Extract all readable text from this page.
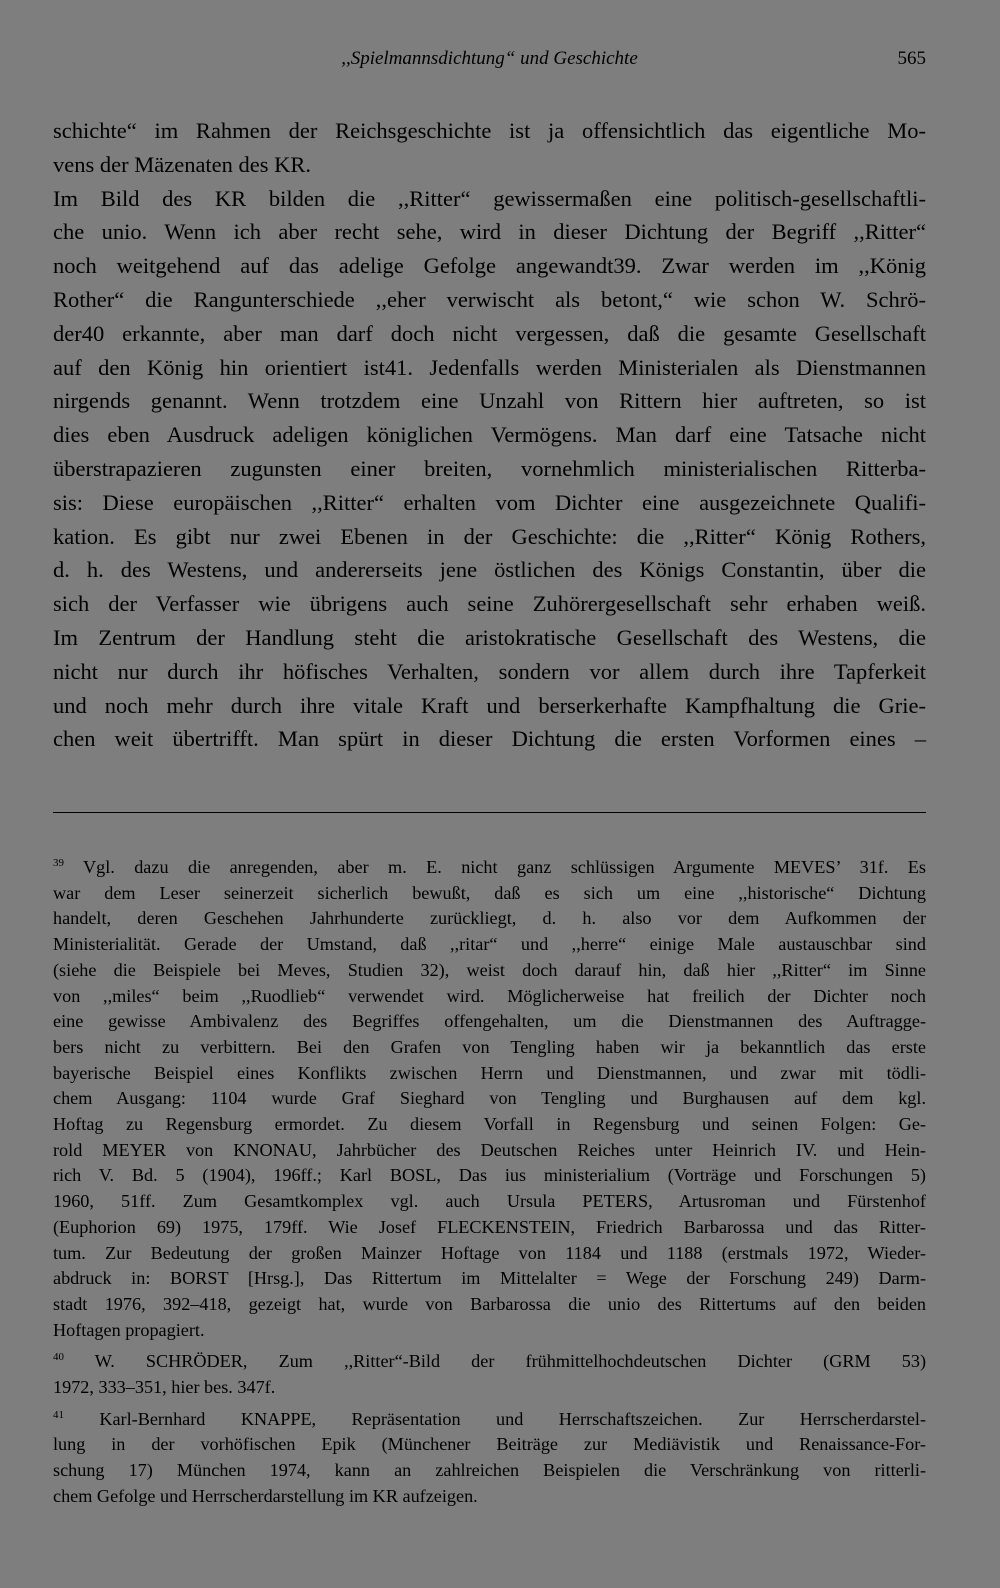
,,Spielmannsdichtung“ und Geschichte	565
schichte“ im Rahmen der Reichsgeschichte ist ja offensichtlich das eigentliche Mo-
vens der Mäzenaten des KR.
Im Bild des KR bilden die ,,Ritter“ gewissermaßen eine politisch-gesellschaftli-
che unio. Wenn ich aber recht sehe, wird in dieser Dichtung der Begriff ,,Ritter“
noch weitgehend auf das adelige Gefolge angewandt39. Zwar werden im ,,König
Rother“ die Rangunterschiede ,,eher verwischt als betont,“ wie schon W. Schrö-
der40 erkannte, aber man darf doch nicht vergessen, daß die gesamte Gesellschaft
auf den König hin orientiert ist41. Jedenfalls werden Ministerialen als Dienstmannen
nirgends genannt. Wenn trotzdem eine Unzahl von Rittern hier auftreten, so ist
dies eben Ausdruck adeligen königlichen Vermögens. Man darf eine Tatsache nicht
überstrapazieren zugunsten einer breiten, vornehmlich ministerialischen Ritterba-
sis: Diese europäischen ,,Ritter“ erhalten vom Dichter eine ausgezeichnete Qualifi-
kation. Es gibt nur zwei Ebenen in der Geschichte: die ,,Ritter“ König Rothers,
d. h. des Westens, und andererseits jene östlichen des Königs Constantin, über die
sich der Verfasser wie übrigens auch seine Zuhörergesellschaft sehr erhaben weiß.
Im Zentrum der Handlung steht die aristokratische Gesellschaft des Westens, die
nicht nur durch ihr höfisches Verhalten, sondern vor allem durch ihre Tapferkeit
und noch mehr durch ihre vitale Kraft und berserkerhafte Kampfhaltung die Grie-
chen weit übertrifft. Man spürt in dieser Dichtung die ersten Vorformen eines –
$^{39}$ Vgl. dazu die anregenden, aber m. E. nicht ganz schlüssigen Argumente MEVES’ 31f. Es
war dem Leser seinerzeit sicherlich bewußt, daß es sich um eine ,,historische“ Dichtung
handelt, deren Geschehen Jahrhunderte zurückliegt, d. h. also vor dem Aufkommen der
Ministerialität. Gerade der Umstand, daß ,,ritar“ und ,,herre“ einige Male austauschbar sind
(siehe die Beispiele bei Meves, Studien 32), weist doch darauf hin, daß hier ,,Ritter“ im Sinne
von ,,miles“ beim ,,Ruodlieb“ verwendet wird. Möglicherweise hat freilich der Dichter noch
eine gewisse Ambivalenz des Begriffes offengehalten, um die Dienstmannen des Auftragge-
bers nicht zu verbittern. Bei den Grafen von Tengling haben wir ja bekanntlich das erste
bayerische Beispiel eines Konflikts zwischen Herrn und Dienstmannen, und zwar mit tödli-
chem Ausgang: 1104 wurde Graf Sieghard von Tengling und Burghausen auf dem kgl.
Hoftag zu Regensburg ermordet. Zu diesem Vorfall in Regensburg und seinen Folgen: Ge-
rold MEYER von KNONAU, Jahrbücher des Deutschen Reiches unter Heinrich IV. und Hein-
rich V. Bd. 5 (1904), 196ff.; Karl BOSL, Das ius ministerialium (Vorträge und Forschungen 5)
1960, 51ff. Zum Gesamtkomplex vgl. auch Ursula PETERS, Artusroman und Fürstenhof
(Euphorion 69) 1975, 179ff. Wie Josef FLECKENSTEIN, Friedrich Barbarossa und das Ritter-
tum. Zur Bedeutung der großen Mainzer Hoftage von 1184 und 1188 (erstmals 1972, Wieder-
abdruck in: BORST [Hrsg.], Das Rittertum im Mittelalter = Wege der Forschung 249) Darm-
stadt 1976, 392–418, gezeigt hat, wurde von Barbarossa die unio des Rittertums auf den beiden
Hoftagen propagiert.
$^{40}$ W. SCHRÖDER, Zum ,,Ritter“-Bild der frühmittelhochdeutschen Dichter (GRM 53)
1972, 333–351, hier bes. 347f.
$^{41}$ Karl-Bernhard KNAPPE, Repräsentation und Herrschaftszeichen. Zur Herrscherdarstel-
lung in der vorhöfischen Epik (Münchener Beiträge zur Mediävistik und Renaissance-For-
schung 17) München 1974, kann an zahlreichen Beispielen die Verschränkung von ritterli-
chem Gefolge und Herrscherdarstellung im KR aufzeigen.
